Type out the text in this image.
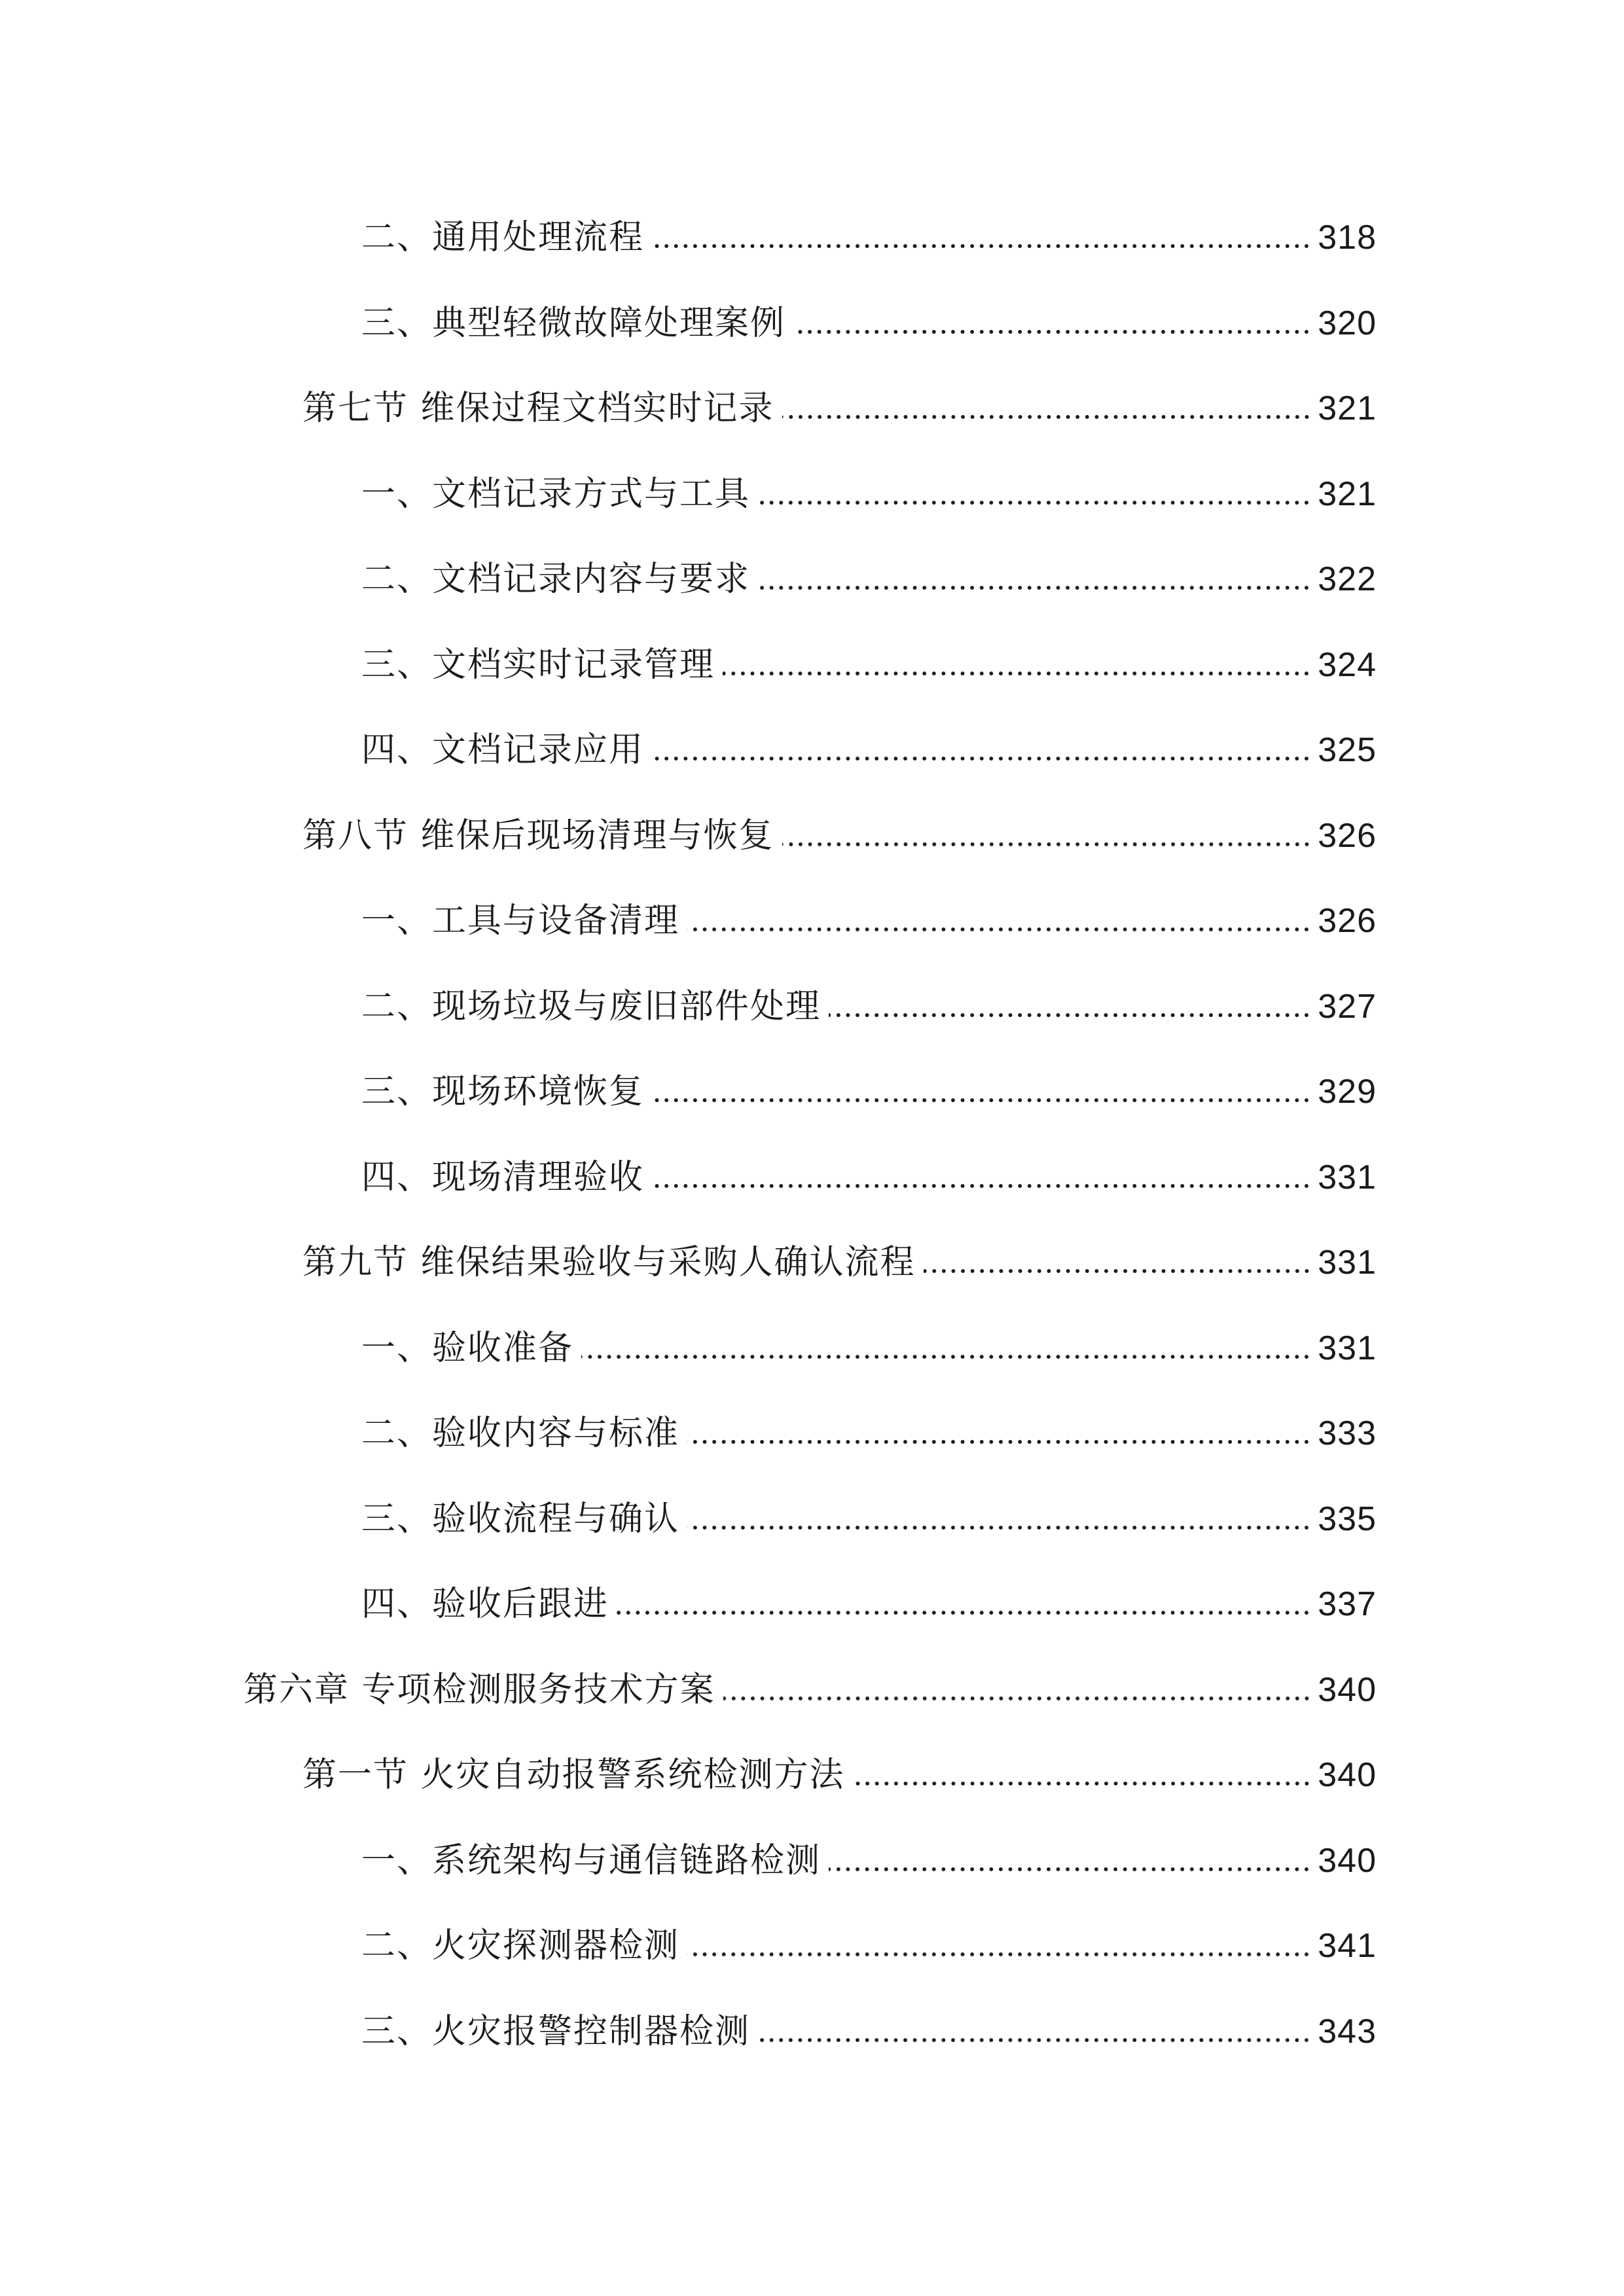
二、通用处理流程	318
三、典型轻微故障处理案例	320
第七节 维保过程文档实时记录	321
一、文档记录方式与工具	321
二、文档记录内容与要求	322
三、文档实时记录管理	324
四、文档记录应用	325
第八节 维保后现场清理与恢复	326
一、工具与设备清理	326
二、现场垃圾与废旧部件处理	327
三、现场环境恢复	329
四、现场清理验收	331
第九节 维保结果验收与采购人确认流程	331
一、验收准备	331
二、验收内容与标准	333
三、验收流程与确认	335
四、验收后跟进	337
第六章 专项检测服务技术方案	340
第一节 火灾自动报警系统检测方法	340
一、系统架构与通信链路检测	340
二、火灾探测器检测	341
三、火灾报警控制器检测	343
